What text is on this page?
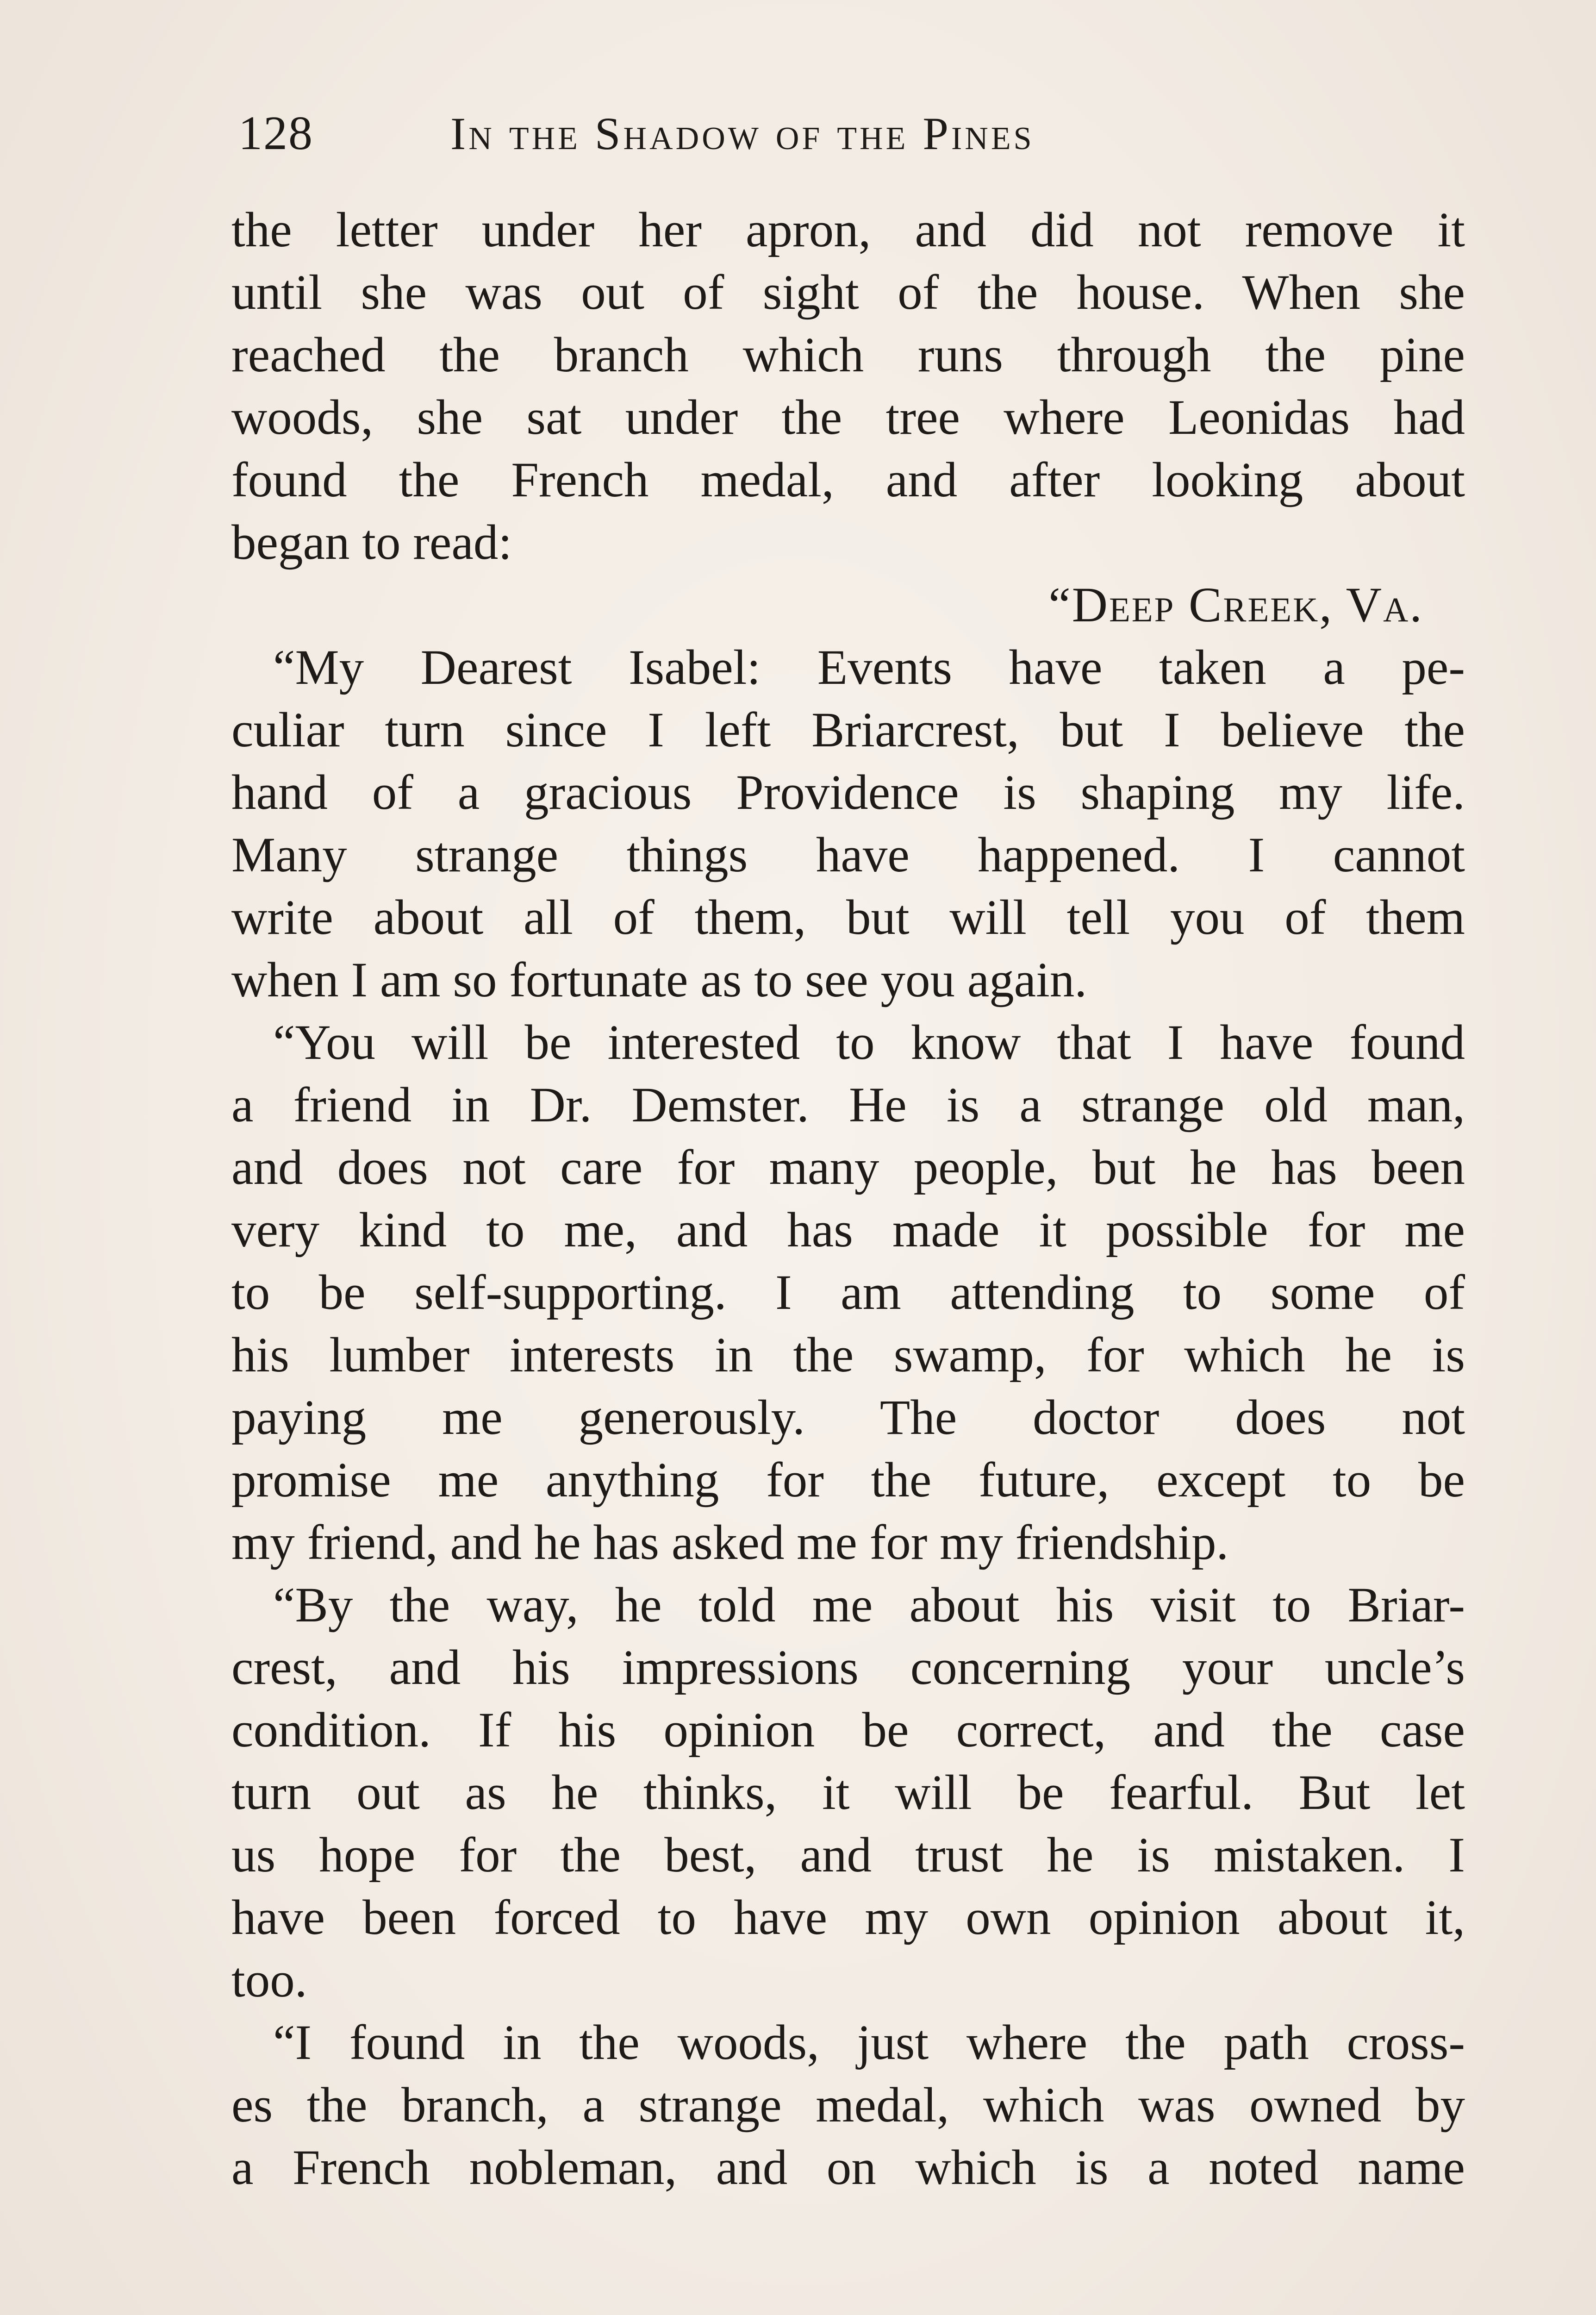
128	In the Shadow of the Pines
the letter under her apron, and did not remove it
until she was out of sight of the house. When she
reached the branch which runs through the pine
woods, she sat under the tree where Leonidas had
found the French medal, and after looking about
began to read:
“Deep Creek, Va.
“My Dearest Isabel: Events have taken a pe-
culiar turn since I left Briarcrest, but I believe the
hand of a gracious Providence is shaping my life.
Many strange things have happened. I cannot
write about all of them, but will tell you of them
when I am so fortunate as to see you again.
“You will be interested to know that I have found
a friend in Dr. Demster. He is a strange old man,
and does not care for many people, but he has been
very kind to me, and has made it possible for me
to be self-supporting. I am attending to some of
his lumber interests in the swamp, for which he is
paying me generously. The doctor does not
promise me anything for the future, except to be
my friend, and he has asked me for my friendship.
“By the way, he told me about his visit to Briar-
crest, and his impressions concerning your uncle’s
condition. If his opinion be correct, and the case
turn out as he thinks, it will be fearful. But let
us hope for the best, and trust he is mistaken. I
have been forced to have my own opinion about it,
too.
“I found in the woods, just where the path cross-
es the branch, a strange medal, which was owned by
a French nobleman, and on which is a noted name
